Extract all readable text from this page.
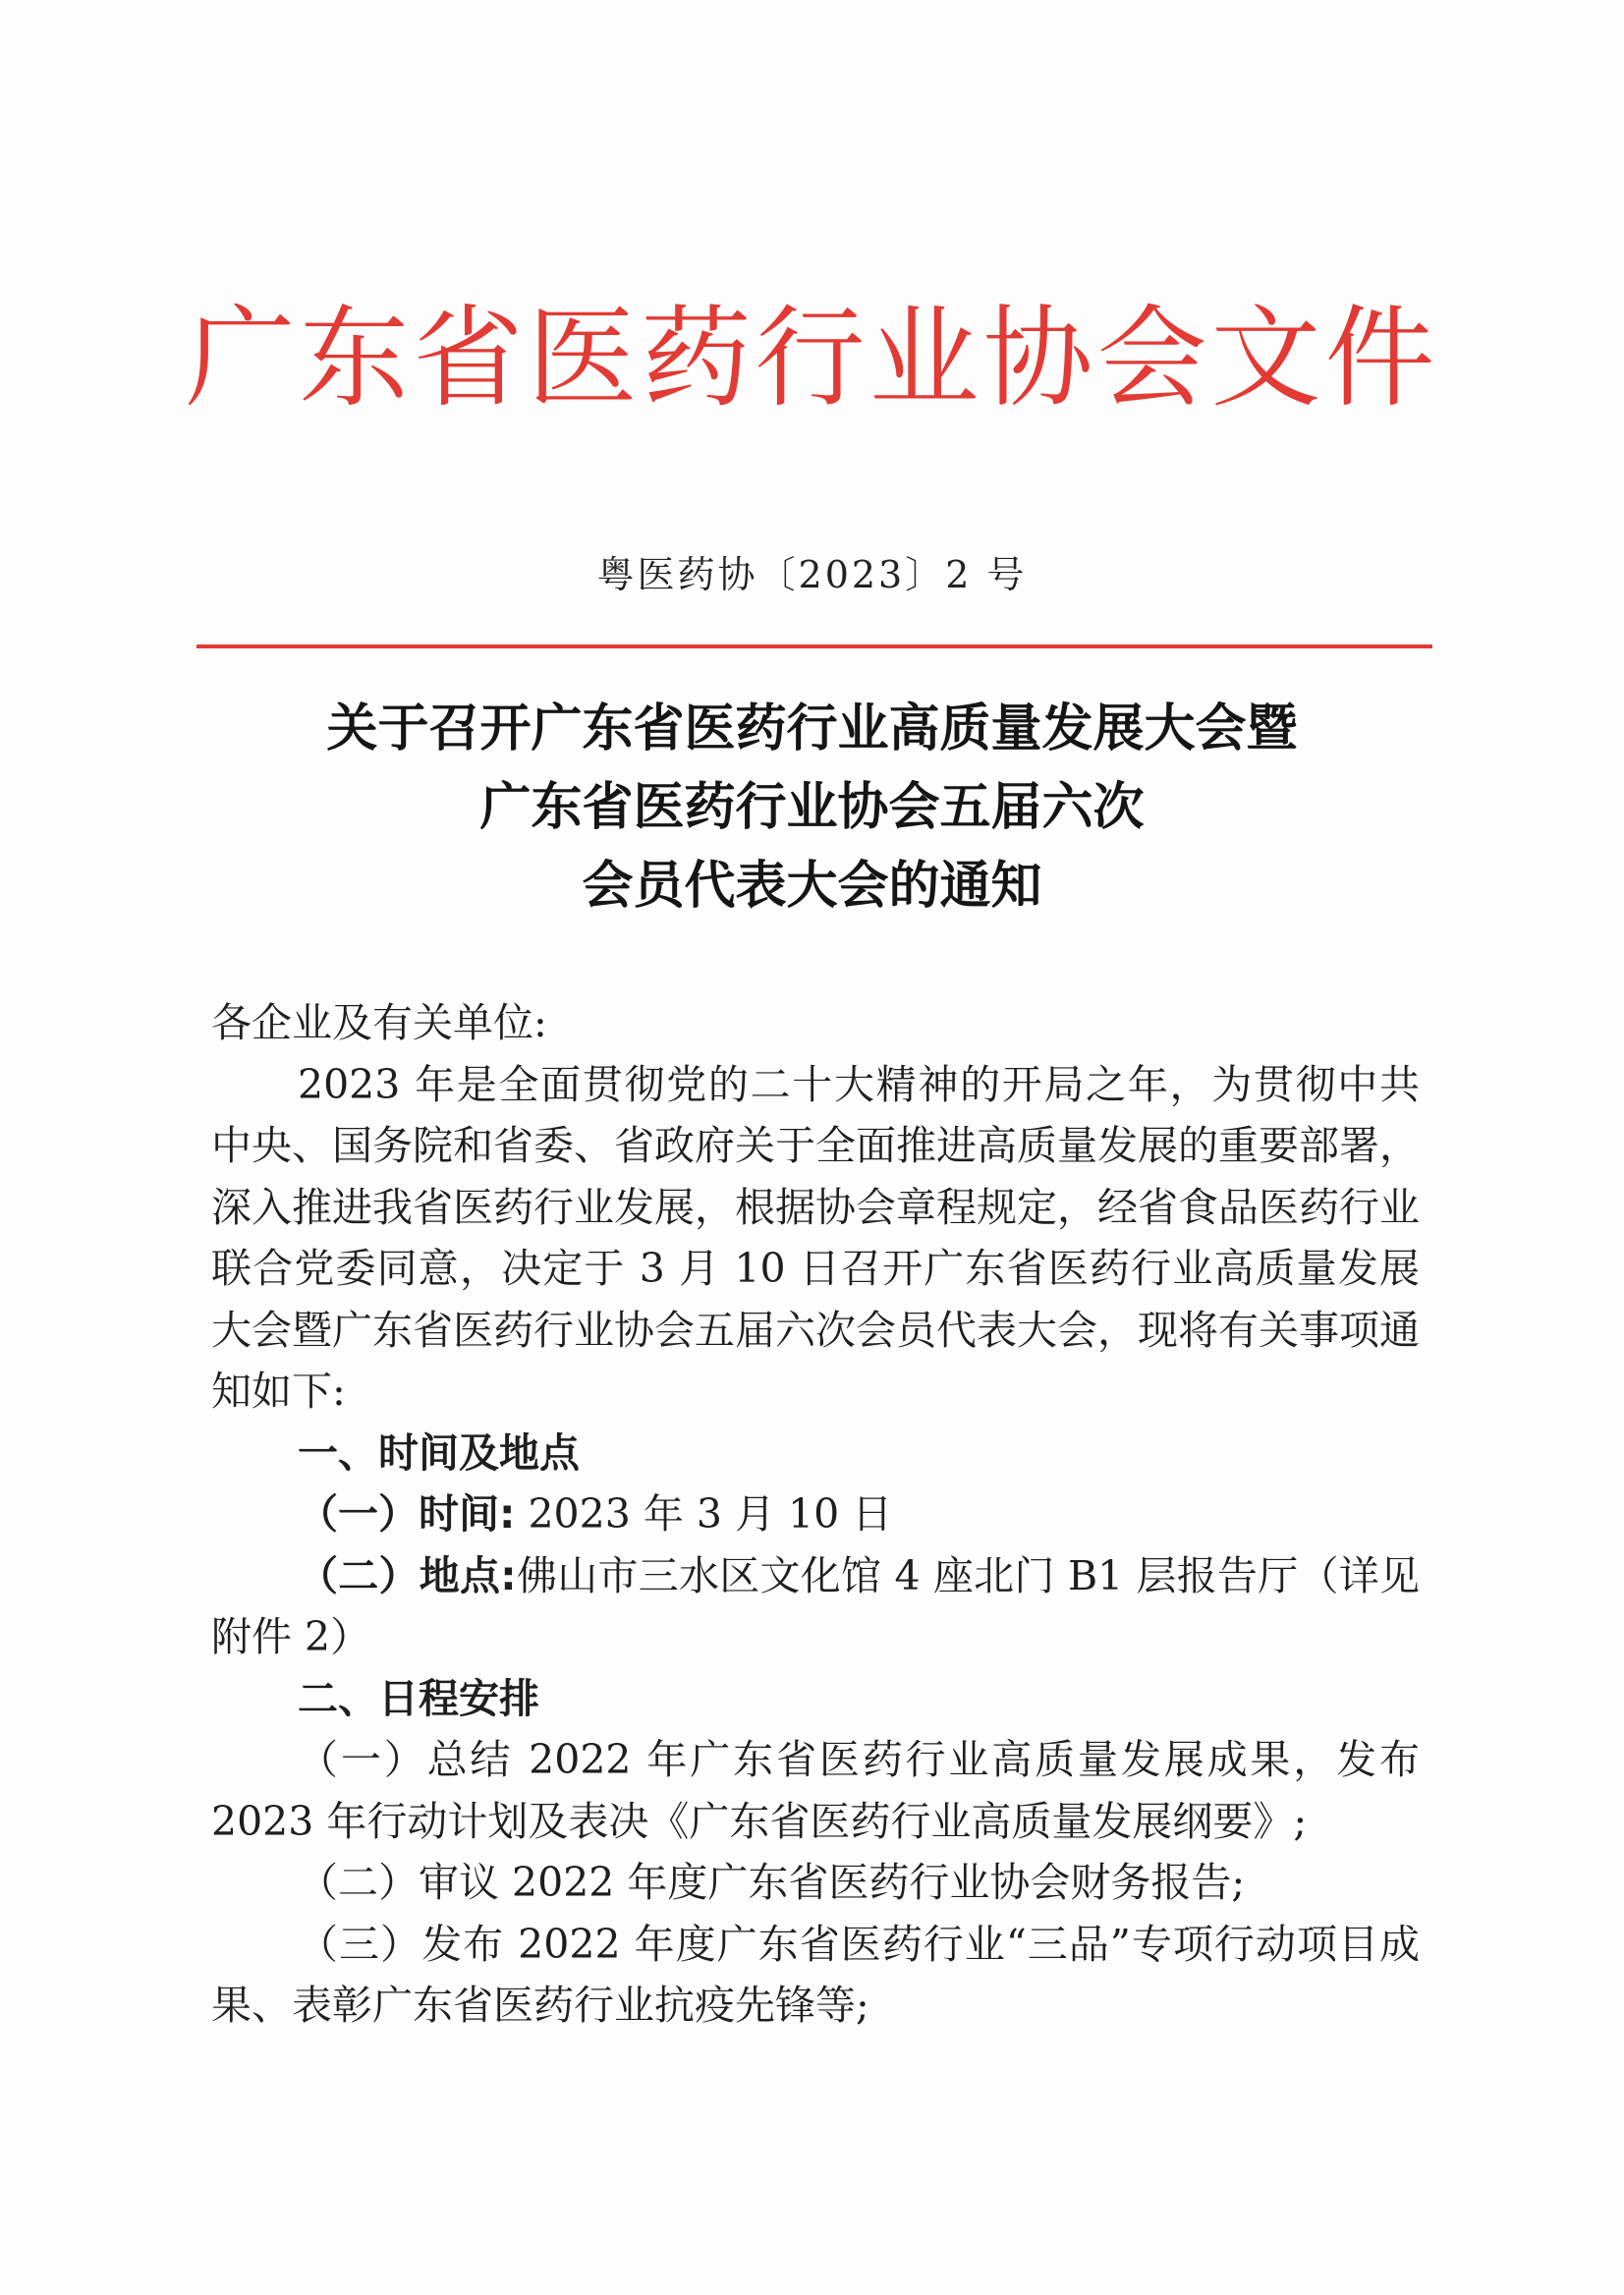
广东省医药行业协会文件
粤医药协〔2023〕2 号
关于召开广东省医药行业高质量发展大会暨
广东省医药行业协会五届六次
会员代表大会的通知

各企业及有关单位:

2023 年是全面贯彻党的二十大精神的开局之年，为贯彻中共中央、国务院和省委、省政府关于全面推进高质量发展的重要部署，深入推进我省医药行业发展，根据协会章程规定，经省食品医药行业联合党委同意，决定于 3 月 10 日召开广东省医药行业高质量发展大会暨广东省医药行业协会五届六次会员代表大会，现将有关事项通知如下:

一、时间及地点

（一）时间: 2023 年 3 月 10 日

（二）地点:佛山市三水区文化馆 4 座北门 B1 层报告厅（详见附件 2）

二、日程安排

（一）总结 2022 年广东省医药行业高质量发展成果，发布 2023 年行动计划及表决《广东省医药行业高质量发展纲要》;

（二）审议 2022 年度广东省医药行业协会财务报告;

（三）发布 2022 年度广东省医药行业“三品”专项行动项目成果、表彰广东省医药行业抗疫先锋等;
